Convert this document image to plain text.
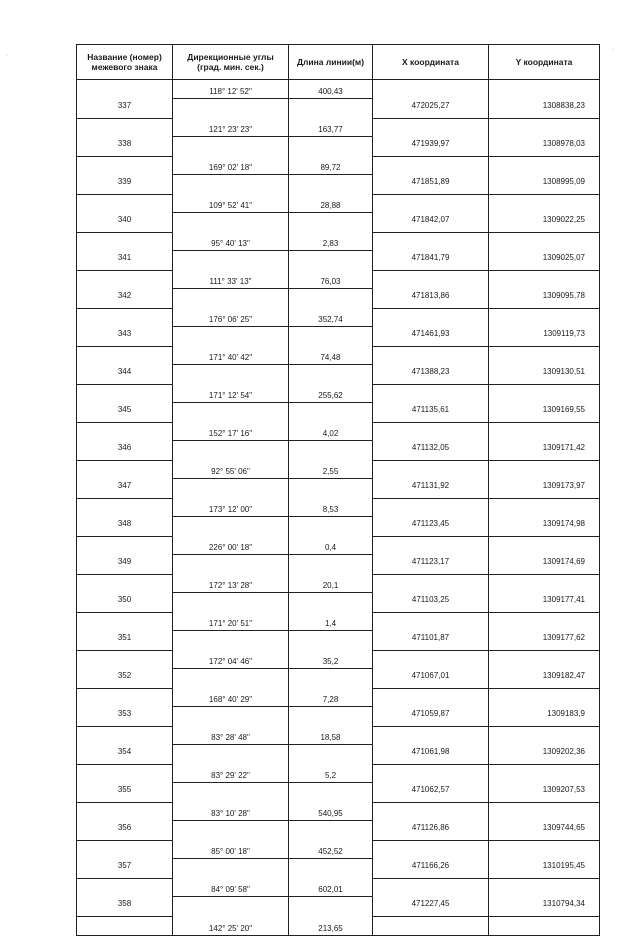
Название (номер) межевого знака	Дирекционные углы (град. мин. сек.)	Длина линии(м)	X координата	Y координата
	118° 12' 52"	400,43		
337			472025,27	1308838,23
	121° 23' 23"	163,77		
338			471939,97	1308978,03
	169° 02' 18"	89,72		
339			471851,89	1308995,09
	109° 52' 41"	28,88		
340			471842,07	1309022,25
	95° 40' 13"	2,83		
341			471841,79	1309025,07
	111° 33' 13"	76,03		
342			471813,86	1309095,78
	176° 06' 25"	352,74		
343			471461,93	1309119,73
	171° 40' 42"	74,48		
344			471388,23	1309130,51
	171° 12' 54"	255,62		
345			471135,61	1309169,55
	152° 17' 16"	4,02		
346			471132,05	1309171,42
	92° 55' 06"	2,55		
347			471131,92	1309173,97
	173° 12' 00"	8,53		
348			471123,45	1309174,98
	226° 00' 18"	0,4		
349			471123,17	1309174,69
	172° 13' 28"	20,1		
350			471103,25	1309177,41
	171° 20' 51"	1,4		
351			471101,87	1309177,62
	172° 04' 46"	35,2		
352			471067,01	1309182,47
	168° 40' 29"	7,28		
353			471059,87	1309183,9
	83° 28' 48"	18,58		
354			471061,98	1309202,36
	83° 29' 22"	5,2		
355			471062,57	1309207,53
	83° 10' 28"	540,95		
356			471126,86	1309744,65
	85° 00' 18"	452,52		
357			471166,26	1310195,45
	84° 09' 58"	602,01		
358			471227,45	1310794,34
	142° 25' 20"	213,65		
·
·
